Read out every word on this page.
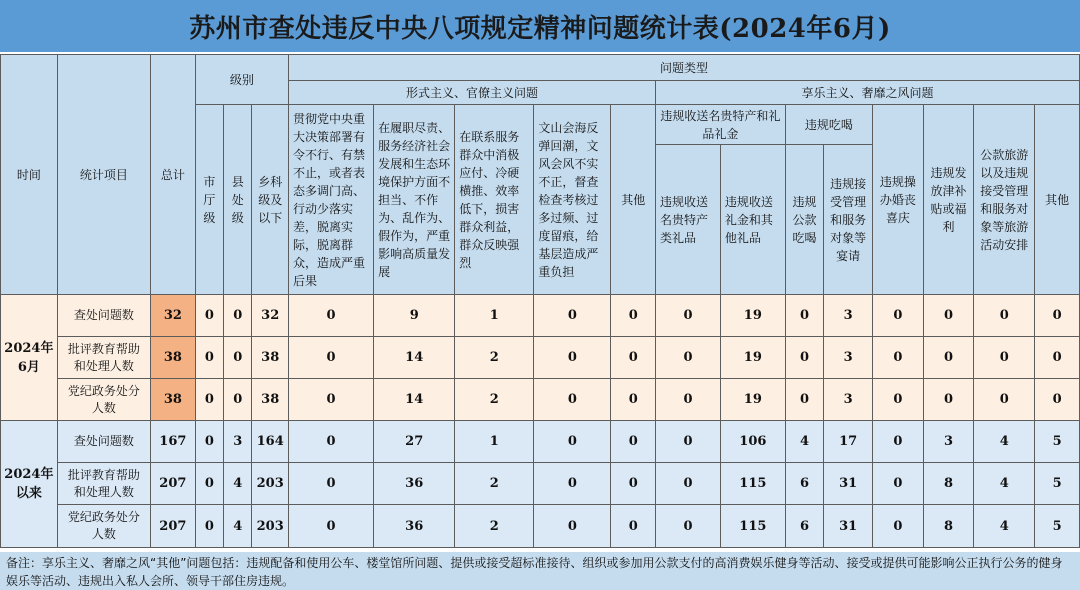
苏州市查处违反中央八项规定精神问题统计表(2024年6月)
时间	统计项目	总计	级别			问题类型												
						形式主义、官僚主义问题					享乐主义、奢靡之风问题							
			市厅级	县处级	乡科级及以下	贯彻党中央重大决策部署有令不行、有禁不止，或者表态多调门高、行动少落实差，脱离实际，脱离群众，造成严重后果	在履职尽责、服务经济社会发展和生态环境保护方面不担当、不作为、乱作为、假作为，严重影响高质量发展	在联系服务群众中消极应付、冷硬横推、效率低下，损害群众利益，群众反映强烈	文山会海反弹回潮，文风会风不实不正，督查检查考核过多过频、过度留痕，给基层造成严重负担	其他	违规收送名贵特产和礼品礼金		违规吃喝		违规操办婚丧喜庆	违规发放津补贴或福利	公款旅游以及违规接受管理和服务对象等旅游活动安排	其他
											违规收送名贵特产类礼品	违规收送礼金和其他礼品	违规公款吃喝	违规接受管理和服务对象等宴请				
2024年6月	查处问题数	32	0	0	32	0	9	1	0	0	0	19	0	3	0	0	0	0
	批评教育帮助和处理人数	38	0	0	38	0	14	2	0	0	0	19	0	3	0	0	0	0
	党纪政务处分人数	38	0	0	38	0	14	2	0	0	0	19	0	3	0	0	0	0
2024年以来	查处问题数	167	0	3	164	0	27	1	0	0	0	106	4	17	0	3	4	5
	批评教育帮助和处理人数	207	0	4	203	0	36	2	0	0	0	115	6	31	0	8	4	5
	党纪政务处分人数	207	0	4	203	0	36	2	0	0	0	115	6	31	0	8	4	5
备注：享乐主义、奢靡之风“其他”问题包括：违规配备和使用公车、楼堂馆所问题、提供或接受超标准接待、组织或参加用公款支付的高消费娱乐健身等活动、接受或提供可能影响公正执行公务的健身娱乐等活动、违规出入私人会所、领导干部住房违规。
